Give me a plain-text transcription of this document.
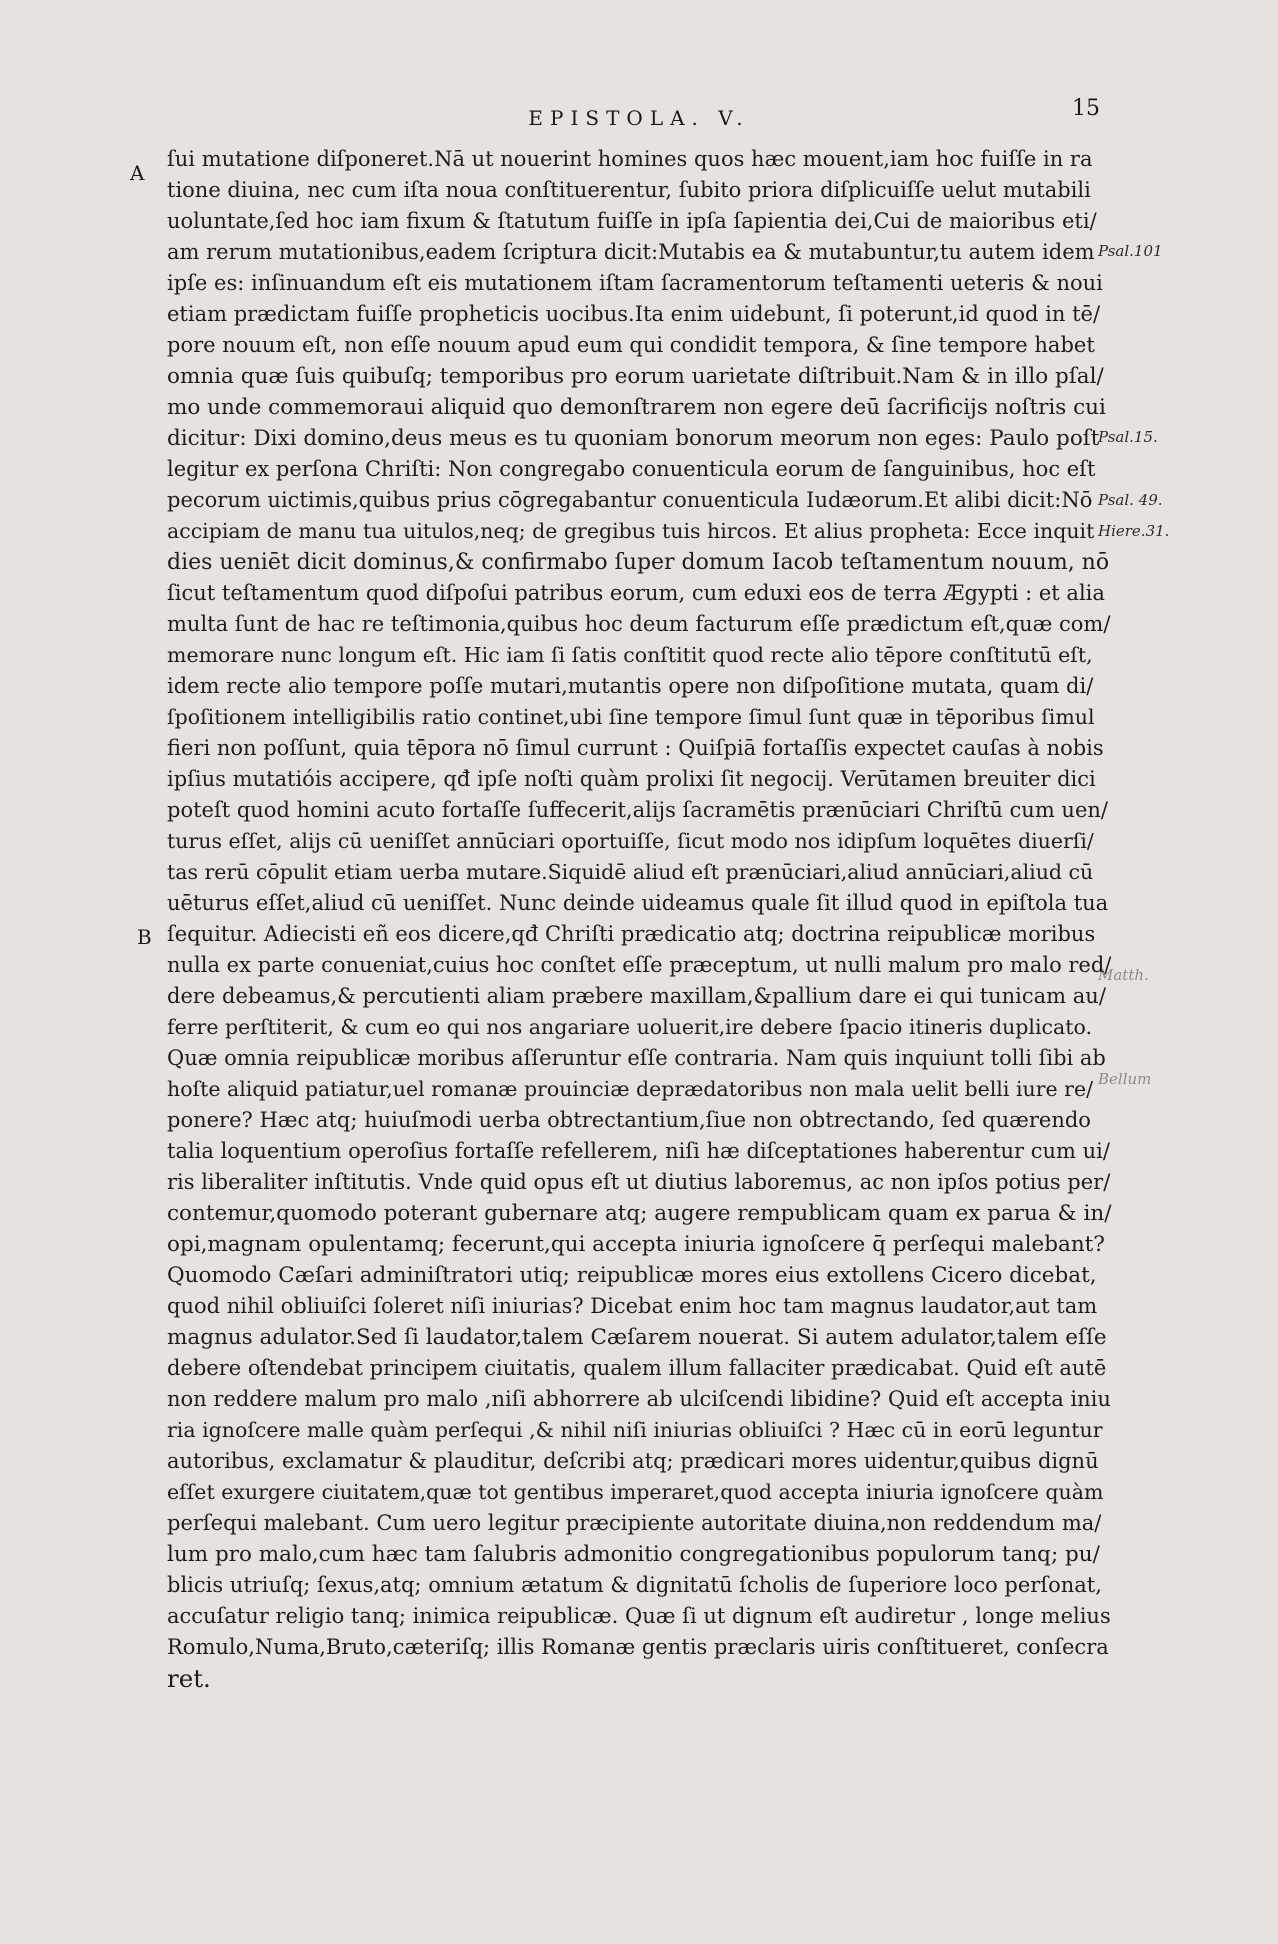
EPISTOLA. V.	15
A
B
Psal.101
Psal.15.
Psal. 49.
Hiere.31.
Matth.
Bellum
ſui mutatione diſponeret.Nā ut nouerint homines quos hæc mouent,iam hoc fuiſſe in ra
tione diuina, nec cum iſta noua conſtituerentur, ſubito priora diſplicuiſſe uelut mutabili
uoluntate,ſed hoc iam fixum & ſtatutum fuiſſe in ipſa ſapientia dei,Cui de maioribus eti/
am rerum mutationibus,eadem ſcriptura dicit:Mutabis ea & mutabuntur,tu autem idem
ipſe es: inſinuandum eſt eis mutationem iſtam ſacramentorum teſtamenti ueteris & noui
etiam prædictam fuiſſe propheticis uocibus.Ita enim uidebunt, ſi poterunt,id quod in tē/
pore nouum eſt, non eſſe nouum apud eum qui condidit tempora, & ſine tempore habet
omnia quæ ſuis quibuſq; temporibus pro eorum uarietate diſtribuit.Nam & in illo pſal/
mo unde commemoraui aliquid quo demonſtrarem non egere deū ſacrificijs noſtris cui
dicitur: Dixi domino,deus meus es tu quoniam bonorum meorum non eges: Paulo poſt
legitur ex perſona Chriſti: Non congregabo conuenticula eorum de ſanguinibus, hoc eſt
pecorum uictimis,quibus prius cōgregabantur conuenticula Iudæorum.Et alibi dicit:Nō
accipiam de manu tua uitulos,neq; de gregibus tuis hircos. Et alius propheta: Ecce inquit
dies ueniēt dicit dominus,& confirmabo ſuper domum Iacob teſtamentum nouum, nō
ſicut teſtamentum quod diſpoſui patribus eorum, cum eduxi eos de terra Ægypti : et alia
multa ſunt de hac re teſtimonia,quibus hoc deum facturum eſſe prædictum eſt,quæ com/
memorare nunc longum eſt. Hic iam ſi ſatis conſtitit quod recte alio tēpore conſtitutū eſt,
idem recte alio tempore poſſe mutari,mutantis opere non diſpoſitione mutata, quam di/
ſpoſitionem intelligibilis ratio continet,ubi ſine tempore ſimul ſunt quæ in tēporibus ſimul
fieri non poſſunt, quia tēpora nō ſimul currunt : Quiſpiā fortaſſis expectet cauſas à nobis
ipſius mutatióis accipere, qđ ipſe noſti quàm prolixi ſit negocij. Verūtamen breuiter dici
poteſt quod homini acuto fortaſſe ſuffecerit,alijs ſacramētis prænūciari Chriſtū cum uen/
turus eſſet, alijs cū ueniſſet annūciari oportuiſſe, ſicut modo nos idipſum loquētes diuerſi/
tas rerū cōpulit etiam uerba mutare.Siquidē aliud eſt prænūciari,aliud annūciari,aliud cū
uēturus eſſet,aliud cū ueniſſet. Nunc deinde uideamus quale ſit illud quod in epiſtola tua
ſequitur. Adiecisti eñ eos dicere,qđ Chriſti prædicatio atq; doctrina reipublicæ moribus
nulla ex parte conueniat,cuius hoc conſtet eſſe præceptum, ut nulli malum pro malo red/
dere debeamus,& percutienti aliam præbere maxillam,&pallium dare ei qui tunicam au/
ferre perſtiterit, & cum eo qui nos angariare uoluerit,ire debere ſpacio itineris duplicato.
Quæ omnia reipublicæ moribus aſſeruntur eſſe contraria. Nam quis inquiunt tolli ſibi ab
hoſte aliquid patiatur,uel romanæ prouinciæ deprædatoribus non mala uelit belli iure re/
ponere? Hæc atq; huiuſmodi uerba obtrectantium,ſiue non obtrectando, ſed quærendo
talia loquentium operoſius fortaſſe refellerem, niſi hæ diſceptationes haberentur cum ui/
ris liberaliter inſtitutis. Vnde quid opus eſt ut diutius laboremus, ac non ipſos potius per/
contemur,quomodo poterant gubernare atq; augere rempublicam quam ex parua & in/
opi,magnam opulentamq; fecerunt,qui accepta iniuria ignoſcere q̄ perſequi malebant?
Quomodo Cæſari adminiſtratori utiq; reipublicæ mores eius extollens Cicero dicebat,
quod nihil obliuiſci ſoleret niſi iniurias? Dicebat enim hoc tam magnus laudator,aut tam
magnus adulator.Sed ſi laudator,talem Cæſarem nouerat. Si autem adulator,talem eſſe
debere oſtendebat principem ciuitatis, qualem illum fallaciter prædicabat. Quid eſt autē
non reddere malum pro malo ,niſi abhorrere ab ulciſcendi libidine? Quid eſt accepta iniu
ria ignoſcere malle quàm perſequi ,& nihil niſi iniurias obliuiſci ? Hæc cū in eorū leguntur
autoribus, exclamatur & plauditur, deſcribi atq; prædicari mores uidentur,quibus dignū
eſſet exurgere ciuitatem,quæ tot gentibus imperaret,quod accepta iniuria ignoſcere quàm
perſequi malebant. Cum uero legitur præcipiente autoritate diuina,non reddendum ma/
lum pro malo,cum hæc tam ſalubris admonitio congregationibus populorum tanq; pu/
blicis utriuſq; ſexus,atq; omnium ætatum & dignitatū ſcholis de ſuperiore loco perſonat,
accuſatur religio tanq; inimica reipublicæ. Quæ ſi ut dignum eſt audiretur , longe melius
Romulo,Numa,Bruto,cæteriſq; illis Romanæ gentis præclaris uiris conſtitueret, conſecra
ret.
